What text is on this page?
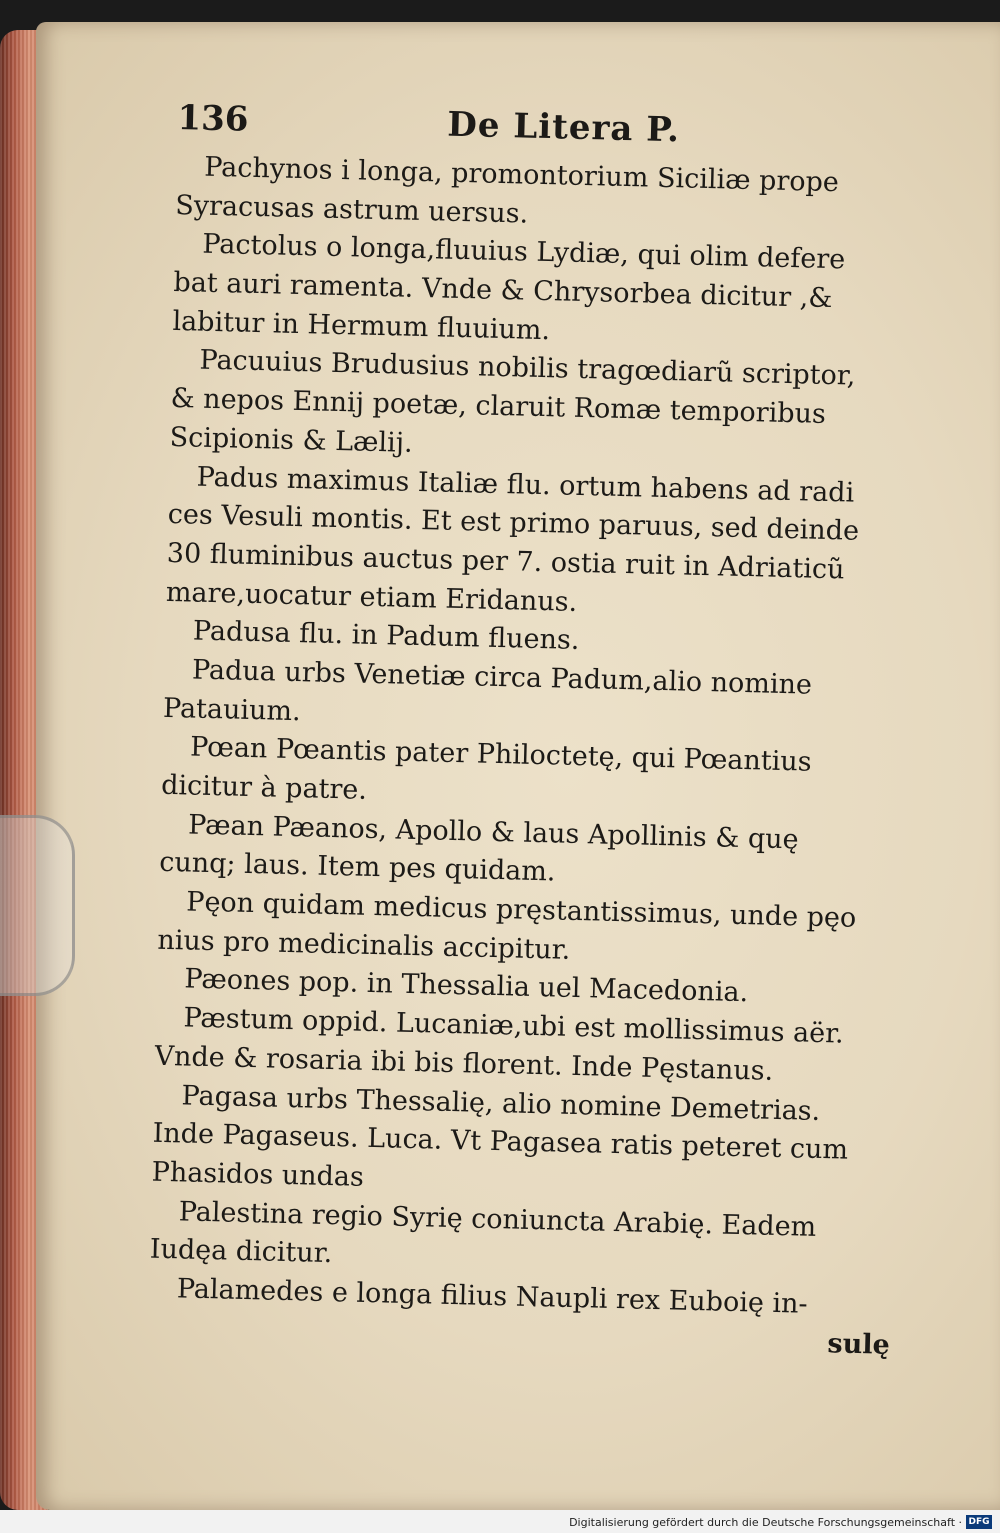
136	De Litera P.

Pachynos i longa, promontorium Siciliæ prope
Syracusas astrum uersus.

Pactolus o longa,fluuius Lydiæ, qui olim defere
bat auri ramenta. Vnde & Chrysorbea dicitur ,&
labitur in Hermum fluuium.

Pacuuius Brudusius nobilis tragœdiarũ scriptor,
& nepos Ennij poetæ, claruit Romæ temporibus
Scipionis & Lælij.

Padus maximus Italiæ flu. ortum habens ad radi
ces Vesuli montis. Et est primo paruus, sed deinde
30 fluminibus auctus per 7. ostia ruit in Adriaticũ
mare,uocatur etiam Eridanus.

Padusa flu. in Padum fluens.

Padua urbs Venetiæ circa Padum,alio nomine
Patauium.

Pœan Pœantis pater Philoctetę, qui Pœantius
dicitur à patre.

Pæan Pæanos, Apollo & laus Apollinis & quę
cunq; laus. Item pes quidam.

Pęon quidam medicus pręstantissimus, unde pęo
nius pro medicinalis accipitur.

Pæones pop. in Thessalia uel Macedonia.

Pæstum oppid. Lucaniæ,ubi est mollissimus aër.
Vnde & rosaria ibi bis florent. Inde Pęstanus.

Pagasa urbs Thessalię, alio nomine Demetrias.
Inde Pagaseus. Luca. Vt Pagasea ratis peteret cum
Phasidos undas

Palestina regio Syrię coniuncta Arabię. Eadem
Iudęa dicitur.

Palamedes e longa filius Naupli rex Euboię in-

sulę
Digitalisierung gefördert durch die Deutsche Forschungsgemeinschaft · DFG
